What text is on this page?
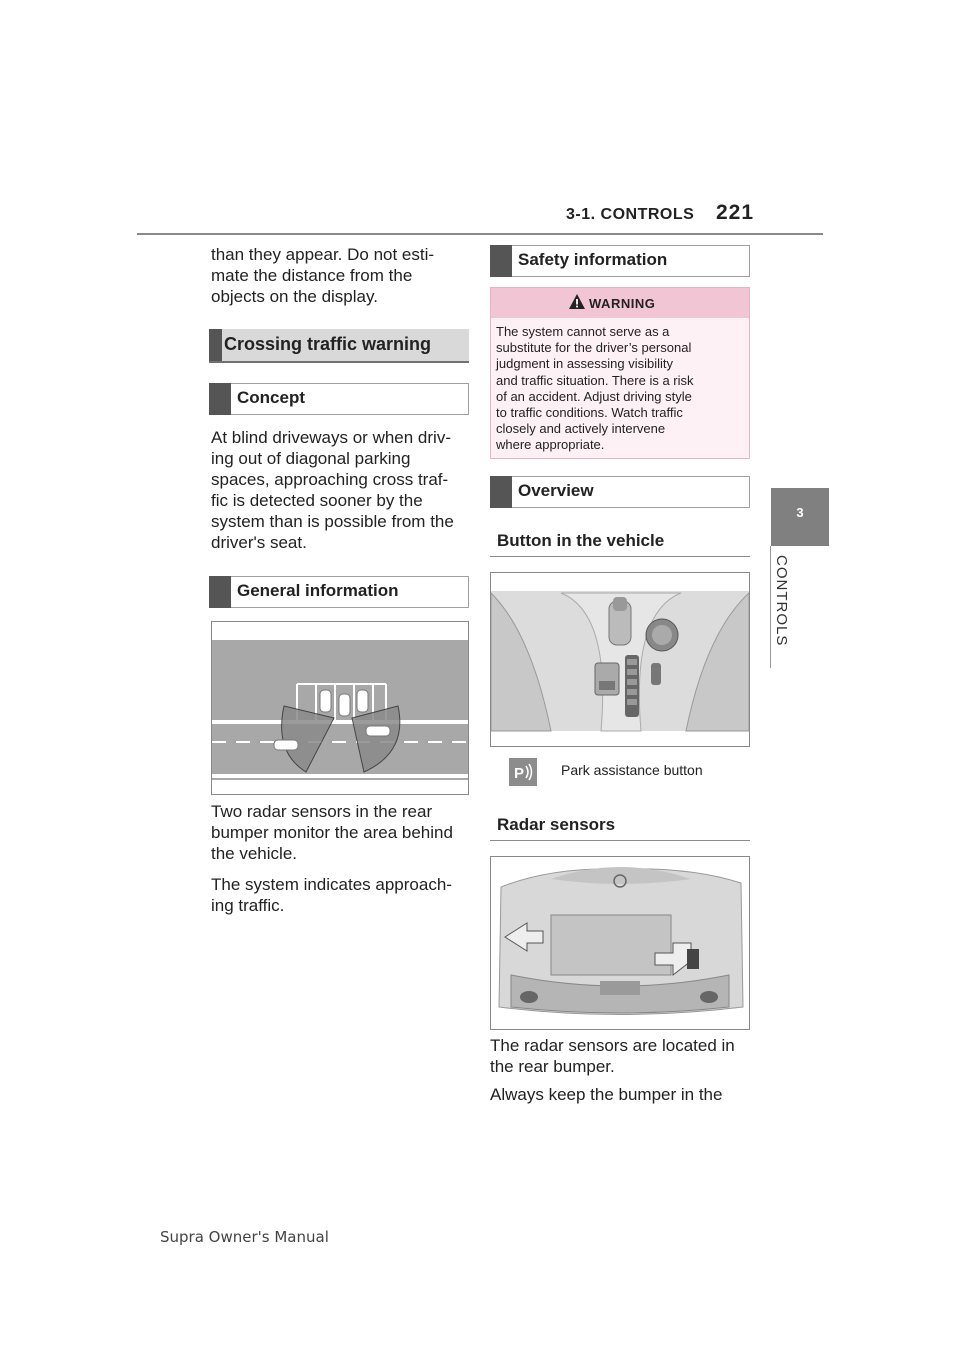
3-1. CONTROLS 221
3
CONTROLS
than they appear. Do not esti-
mate the distance from the
objects on the display.
Crossing traffic warning
Concept
At blind driveways or when driv-
ing out of diagonal parking
spaces, approaching cross traf-
fic is detected sooner by the
system than is possible from the
driver's seat.
General information
Two radar sensors in the rear
bumper monitor the area behind
the vehicle.
The system indicates approach-
ing traffic.
Safety information
WARNING
The system cannot serve as a
substitute for the driver’s personal
judgment in assessing visibility
and traffic situation. There is a risk
of an accident. Adjust driving style
to traffic conditions. Watch traffic
closely and actively intervene
where appropriate.
Overview
Button in the vehicle
P	Park assistance button
Radar sensors
The radar sensors are located in
the rear bumper.
Always keep the bumper in the
Supra Owner's Manual
